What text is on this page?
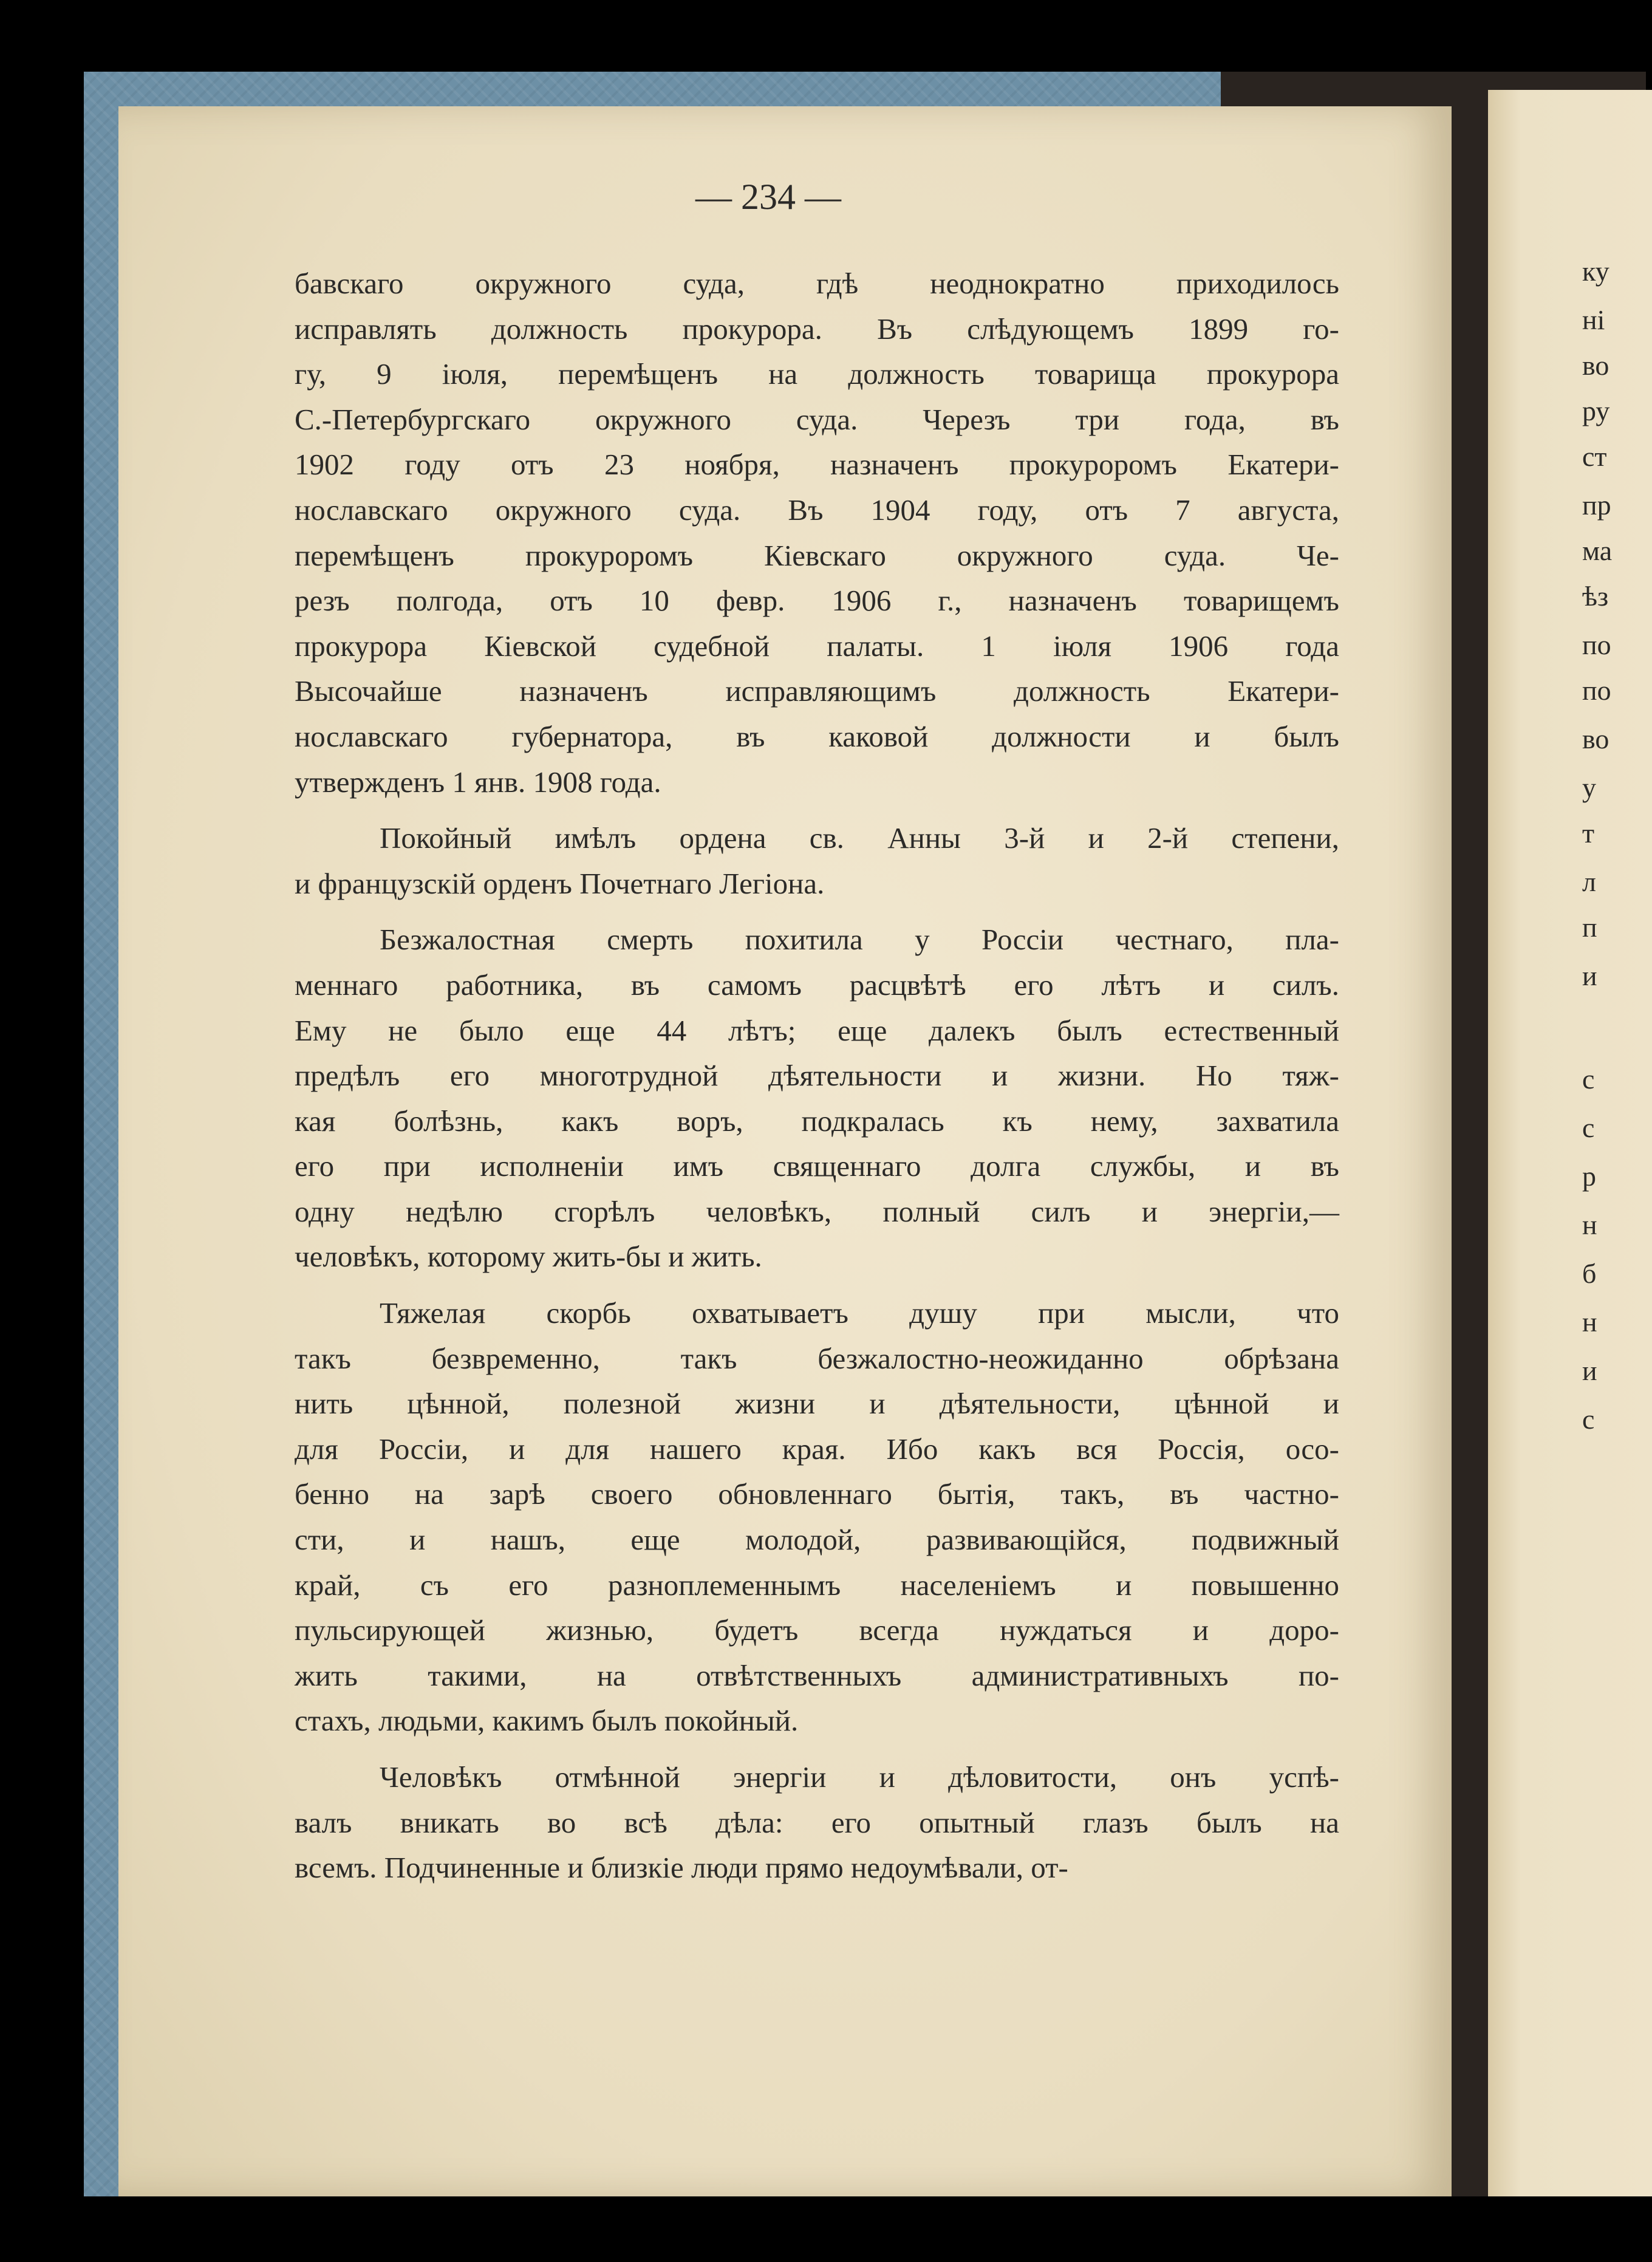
— 234 —
бавскаго окружного суда, гдѣ неоднократно приходилось
исправлять должность прокурора. Въ слѣдующемъ 1899 го-
гу, 9 іюля, перемѣщенъ на должность товарища прокурора
С.-Петербургскаго окружного суда. Черезъ три года, въ
1902 году отъ 23 ноября, назначенъ прокуроромъ Екатери-
нославскаго окружного суда. Въ 1904 году, отъ 7 августа,
перемѣщенъ прокуроромъ Кіевскаго окружного суда. Че-
резъ полгода, отъ 10 февр. 1906 г., назначенъ товарищемъ
прокурора Кіевской судебной палаты. 1 іюля 1906 года
Высочайше назначенъ исправляющимъ должность Екатери-
нославскаго губернатора, въ каковой должности и былъ
утвержденъ 1 янв. 1908 года.
Покойный имѣлъ ордена св. Анны 3-й и 2-й степени,
и французскій орденъ Почетнаго Легіона.
Безжалостная смерть похитила у Россіи честнаго, пла-
меннаго работника, въ самомъ расцвѣтѣ его лѣтъ и силъ.
Ему не было еще 44 лѣтъ; еще далекъ былъ естественный
предѣлъ его многотрудной дѣятельности и жизни. Но тяж-
кая болѣзнь, какъ воръ, подкралась къ нему, захватила
его при исполненіи имъ священнаго долга службы, и въ
одну недѣлю сгорѣлъ человѣкъ, полный силъ и энергіи,—
человѣкъ, которому жить-бы и жить.
Тяжелая скорбь охватываетъ душу при мысли, что
такъ безвременно, такъ безжалостно-неожиданно обрѣзана
нить цѣнной, полезной жизни и дѣятельности, цѣнной и
для Россіи, и для нашего края. Ибо какъ вся Россія, осо-
бенно на зарѣ своего обновленнаго бытія, такъ, въ частно-
сти, и нашъ, еще молодой, развивающійся, подвижный
край, съ его разноплеменнымъ населеніемъ и повышенно
пульсирующей жизнью, будетъ всегда нуждаться и доро-
жить такими, на отвѣтственныхъ административныхъ по-
стахъ, людьми, какимъ былъ покойный.
Человѣкъ отмѣнной энергіи и дѣловитости, онъ успѣ-
валъ вникать во всѣ дѣла: его опытный глазъ былъ на
всемъ. Подчиненные и близкіе люди прямо недоумѣвали, от-
ку
ні
во
ру
ст
пр
ма
ѣз
по
по
во
у
т
л
п
и
с
с
р
н
б
н
и
с
